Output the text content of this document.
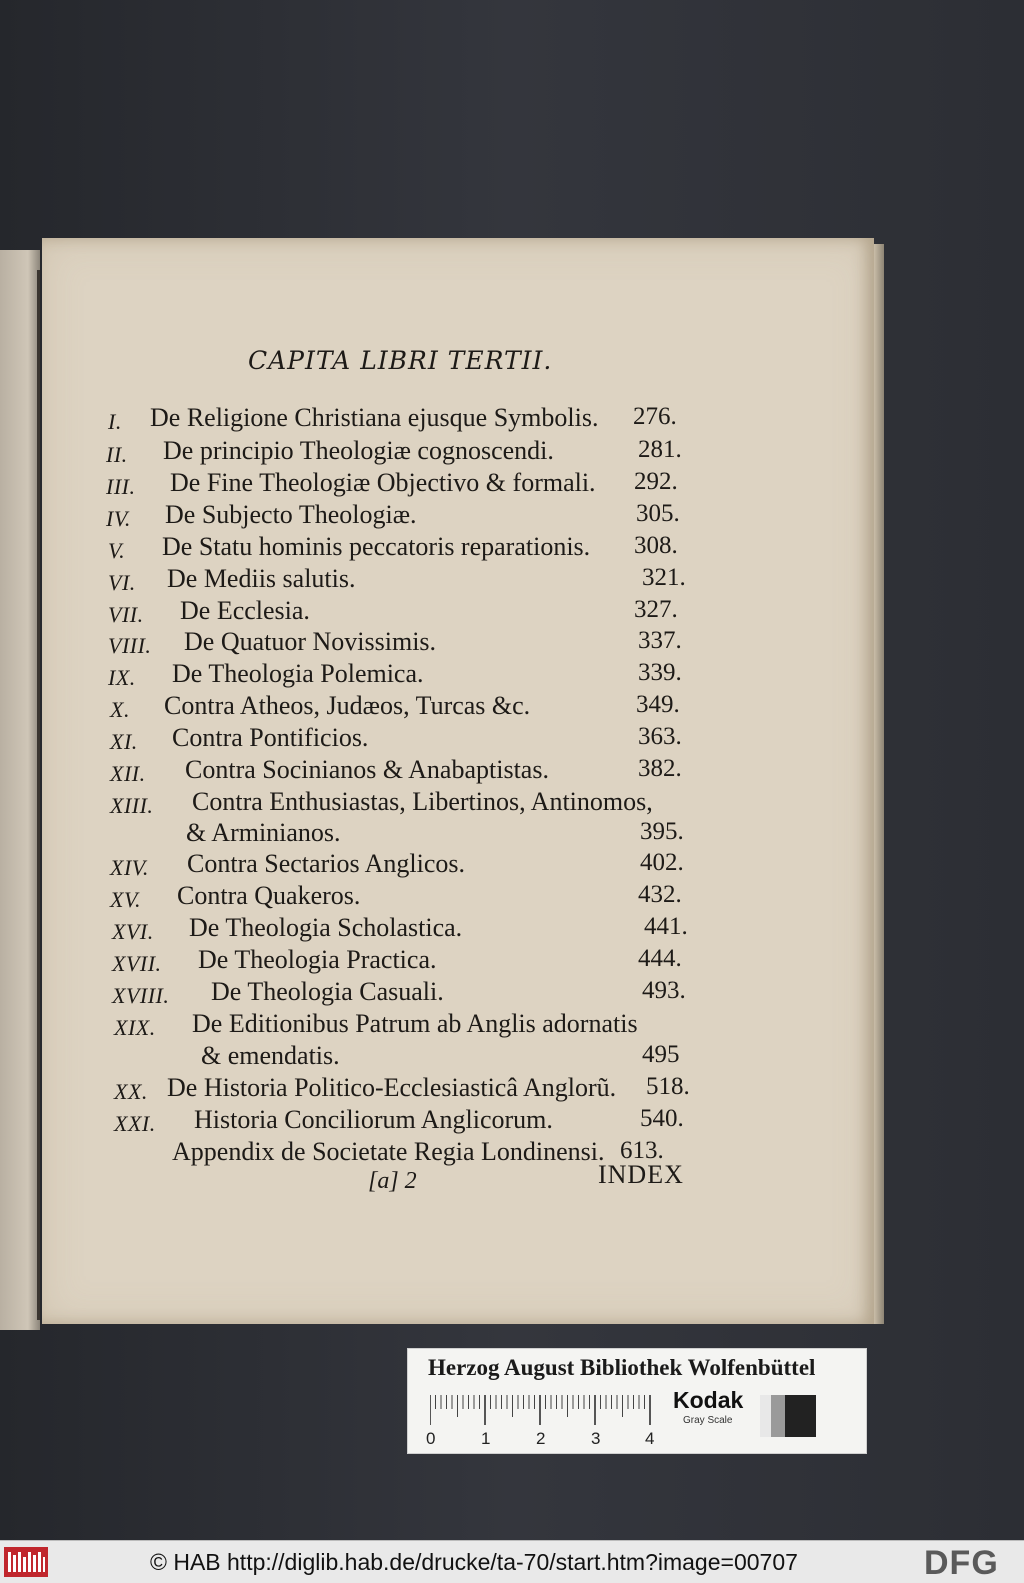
CAPITA LIBRI TERTII.
I. De Religione Christiana ejusque Symbolis. 276.
II. De principio Theologiæ cognoscendi.	281.
III. De Fine Theologiæ Objectivo & formali. 292.
IV. De Subjecto Theologiæ.	305.
V. De Statu hominis peccatoris reparationis. 308.
VI. De Mediis salutis.	321.
VII. De Ecclesia.	327.
VIII. De Quatuor Novissimis.	337.
IX. De Theologia Polemica.	339.
X. Contra Atheos, Judæos, Turcas &c.	349.
XI. Contra Pontificios.	363.
XII. Contra Socinianos & Anabaptistas.	382.
XIII. Contra Enthusiastas, Libertinos, Antinomos,
& Arminianos.	395.
XIV. Contra Sectarios Anglicos.	402.
XV. Contra Quakeros.	432.
XVI. De Theologia Scholastica.	441.
XVII. De Theologia Practica.	444.
XVIII. De Theologia Casuali.	493.
XIX. De Editionibus Patrum ab Anglis adornatis
& emendatis.	495
XX. De Historia Politico-Ecclesiasticâ Anglorũ. 518.
XXI. Historia Conciliorum Anglicorum.	540.
Appendix de Societate Regia Londinensi. 613.
[a] 2	INDEX
Herzog August Bibliothek Wolfenbüttel
0	1	2	3	4
Kodak
Gray Scale
© HAB http://diglib.hab.de/drucke/ta-70/start.htm?image=00707	DFG
